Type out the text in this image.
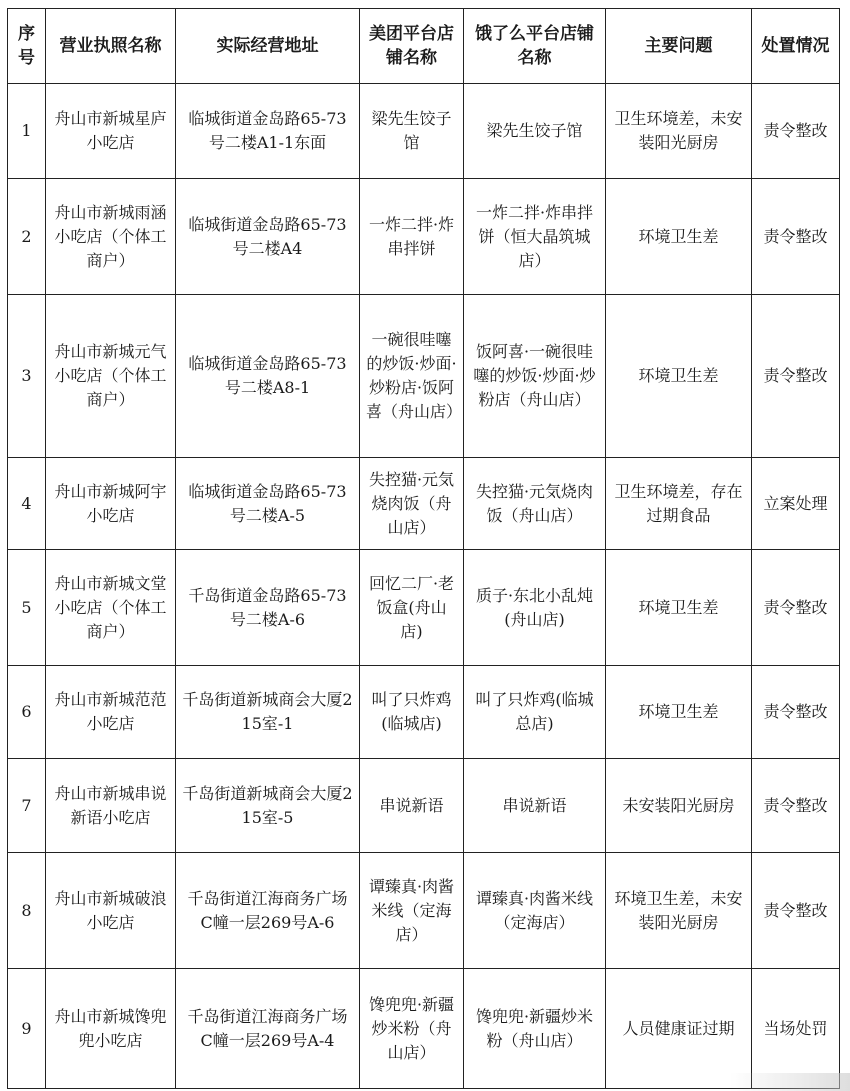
序号	营业执照名称	实际经营地址	美团平台店铺名称	饿了么平台店铺名称	主要问题	处置情况
1	舟山市新城星庐小吃店	临城街道金岛路65-73号二楼A1-1东面	梁先生饺子馆	梁先生饺子馆	卫生环境差，未安装阳光厨房	责令整改
2	舟山市新城雨涵小吃店（个体工商户）	临城街道金岛路65-73号二楼A4	一炸二拌·炸串拌饼	一炸二拌·炸串拌饼（恒大晶筑城店）	环境卫生差	责令整改
3	舟山市新城元气小吃店（个体工商户）	临城街道金岛路65-73号二楼A8-1	一碗很哇噻的炒饭·炒面·炒粉店·饭阿喜（舟山店）	饭阿喜·一碗很哇噻的炒饭·炒面·炒粉店（舟山店）	环境卫生差	责令整改
4	舟山市新城阿宇小吃店	临城街道金岛路65-73号二楼A-5	失控猫·元気烧肉饭（舟山店）	失控猫·元気烧肉饭（舟山店）	卫生环境差，存在过期食品	立案处理
5	舟山市新城文堂小吃店（个体工商户）	千岛街道金岛路65-73号二楼A-6	回忆二厂·老饭盒(舟山店)	质子·东北小乱炖(舟山店)	环境卫生差	责令整改
6	舟山市新城范范小吃店	千岛街道新城商会大厦215室-1	叫了只炸鸡(临城店)	叫了只炸鸡(临城总店)	环境卫生差	责令整改
7	舟山市新城串说新语小吃店	千岛街道新城商会大厦215室-5	串说新语	串说新语	未安装阳光厨房	责令整改
8	舟山市新城破浪小吃店	千岛街道江海商务广场C幢一层269号A-6	谭臻真·肉酱米线（定海店）	谭臻真·肉酱米线（定海店）	环境卫生差，未安装阳光厨房	责令整改
9	舟山市新城馋兜兜小吃店	千岛街道江海商务广场C幢一层269号A-4	馋兜兜·新疆炒米粉（舟山店）	馋兜兜·新疆炒米粉（舟山店）	人员健康证过期	当场处罚
